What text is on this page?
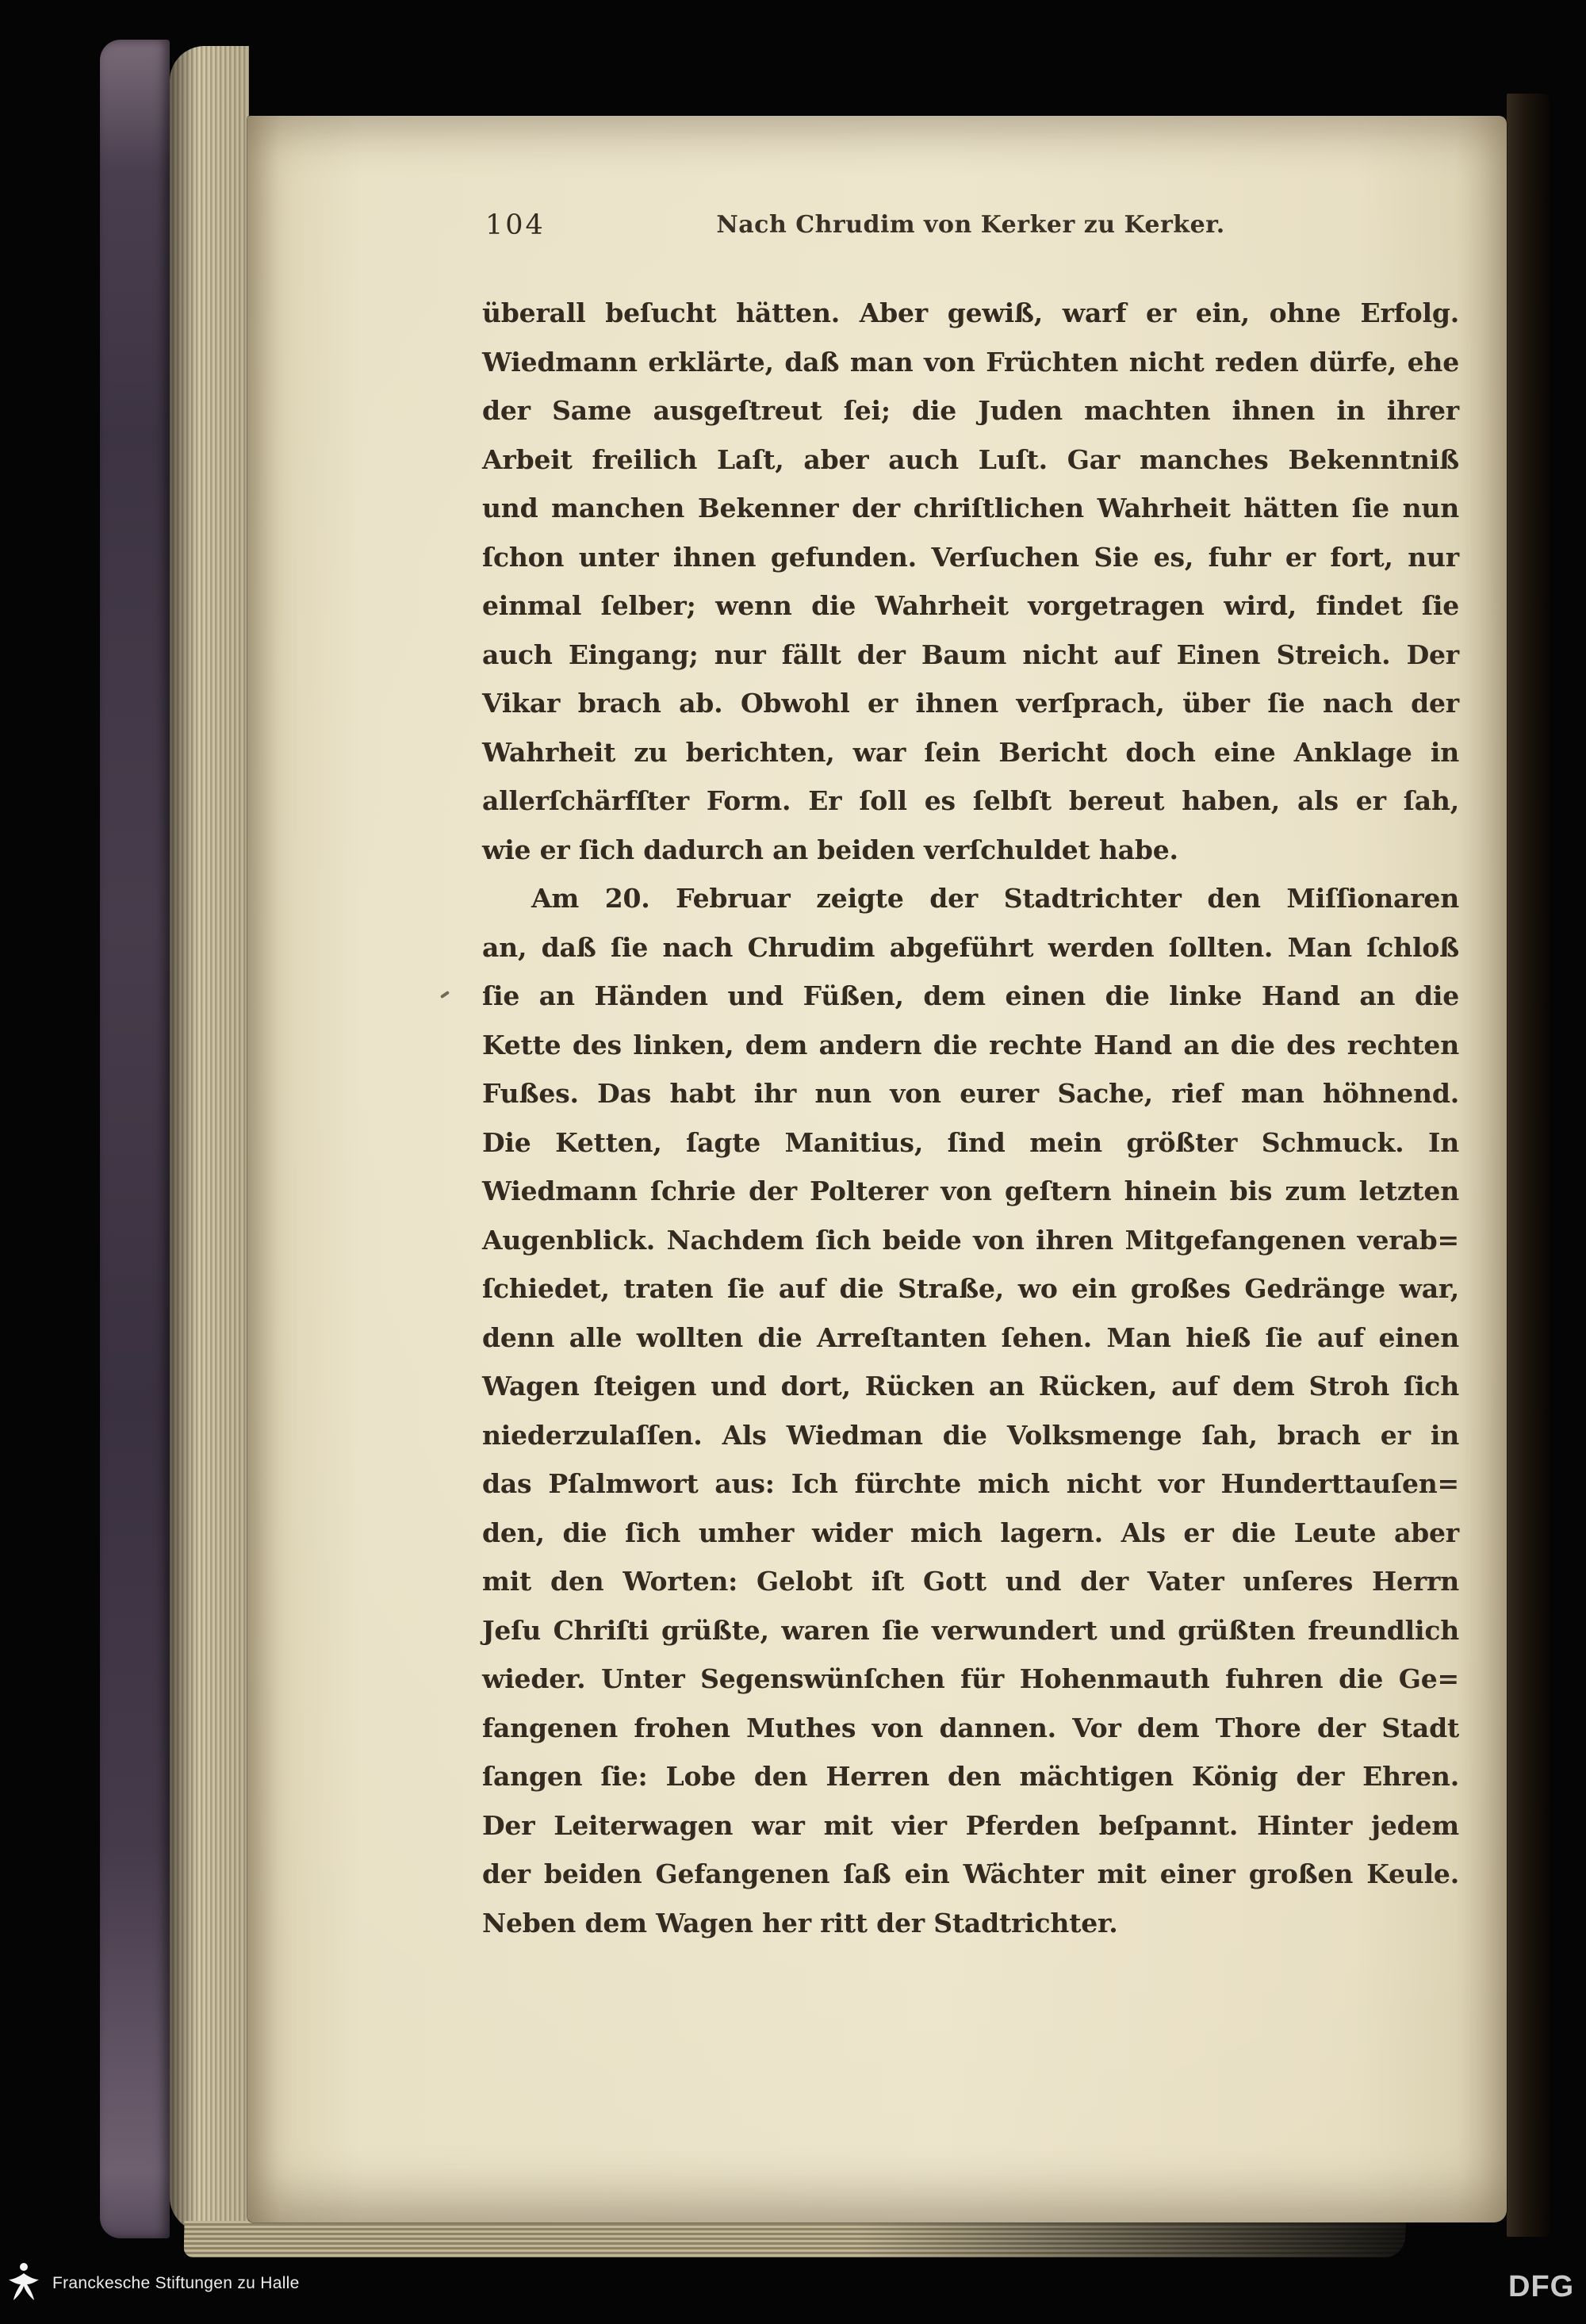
104	Nach Chrudim von Kerker zu Kerker.
überall beſucht hätten. Aber gewiß, warf er ein, ohne Erfolg.
Wiedmann erklärte, daß man von Früchten nicht reden dürfe, ehe
der Same ausgeſtreut ſei; die Juden machten ihnen in ihrer
Arbeit freilich Laſt, aber auch Luſt. Gar manches Bekenntniß
und manchen Bekenner der chriſtlichen Wahrheit hätten ſie nun
ſchon unter ihnen gefunden. Verſuchen Sie es, fuhr er fort, nur
einmal ſelber; wenn die Wahrheit vorgetragen wird, findet ſie
auch Eingang; nur fällt der Baum nicht auf Einen Streich. Der
Vikar brach ab. Obwohl er ihnen verſprach, über ſie nach der
Wahrheit zu berichten, war ſein Bericht doch eine Anklage in
allerſchärfſter Form. Er ſoll es ſelbſt bereut haben, als er ſah,
wie er ſich dadurch an beiden verſchuldet habe.
Am 20. Februar zeigte der Stadtrichter den Miſſionaren
an, daß ſie nach Chrudim abgeführt werden ſollten. Man ſchloß
ſie an Händen und Füßen, dem einen die linke Hand an die
Kette des linken, dem andern die rechte Hand an die des rechten
Fußes. Das habt ihr nun von eurer Sache, rief man höhnend.
Die Ketten, ſagte Manitius, ſind mein größter Schmuck. In
Wiedmann ſchrie der Polterer von geſtern hinein bis zum letzten
Augenblick. Nachdem ſich beide von ihren Mitgefangenen verab=
ſchiedet, traten ſie auf die Straße, wo ein großes Gedränge war,
denn alle wollten die Arreſtanten ſehen. Man hieß ſie auf einen
Wagen ſteigen und dort, Rücken an Rücken, auf dem Stroh ſich
niederzulaſſen. Als Wiedman die Volksmenge ſah, brach er in
das Pſalmwort aus: Ich fürchte mich nicht vor Hunderttauſen=
den, die ſich umher wider mich lagern. Als er die Leute aber
mit den Worten: Gelobt iſt Gott und der Vater unſeres Herrn
Jeſu Chriſti grüßte, waren ſie verwundert und grüßten freundlich
wieder. Unter Segenswünſchen für Hohenmauth fuhren die Ge=
fangenen frohen Muthes von dannen. Vor dem Thore der Stadt
ſangen ſie: Lobe den Herren den mächtigen König der Ehren.
Der Leiterwagen war mit vier Pferden beſpannt. Hinter jedem
der beiden Gefangenen ſaß ein Wächter mit einer großen Keule.
Neben dem Wagen her ritt der Stadtrichter.
Franckesche Stiftungen zu Halle	DFG
